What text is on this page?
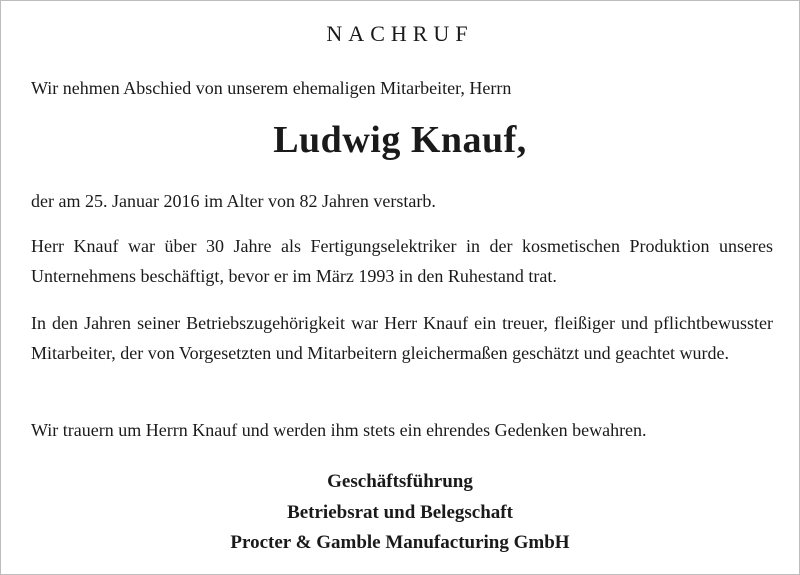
NACHRUF
Wir nehmen Abschied von unserem ehemaligen Mitarbeiter, Herrn
Ludwig Knauf,
der am 25. Januar 2016 im Alter von 82 Jahren verstarb.
Herr Knauf war über 30 Jahre als Fertigungselektriker in der kosmetischen Produktion unseres Unternehmens beschäftigt, bevor er im März 1993 in den Ruhestand trat.
In den Jahren seiner Betriebszugehörigkeit war Herr Knauf ein treuer, fleißiger und pflichtbewusster Mitarbeiter, der von Vorgesetzten und Mitarbeitern gleichermaßen geschätzt und geachtet wurde.
Wir trauern um Herrn Knauf und werden ihm stets ein ehrendes Gedenken bewahren.
Geschäftsführung
Betriebsrat und Belegschaft
Procter & Gamble Manufacturing GmbH
